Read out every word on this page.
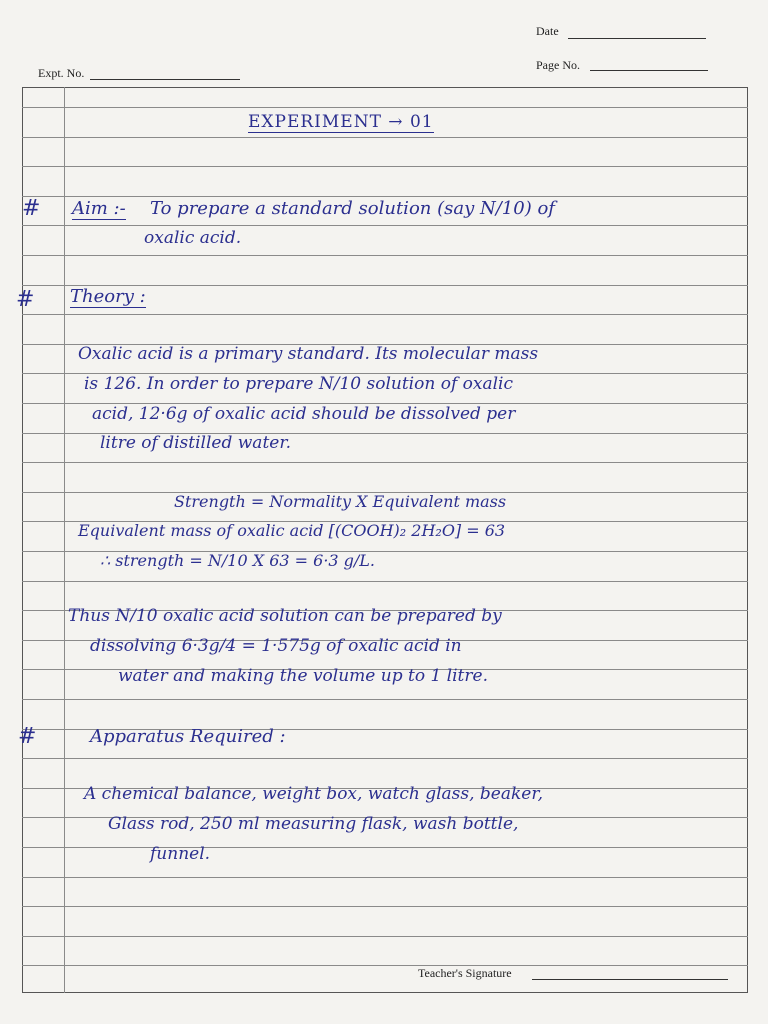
Date
Expt. No.
Page No.
EXPERIMENT → 01
# Aim :- To prepare a standard solution (say N/10) of
oxalic acid.
# Theory :
Oxalic acid is a primary standard. Its molecular mass
is 126. In order to prepare N/10 solution of oxalic
acid, 12·6g of oxalic acid should be dissolved per
litre of distilled water.
Strength = Normality X Equivalent mass
Equivalent mass of oxalic acid [(COOH)₂ 2H₂O] = 63
∴ strength = N/10 X 63 = 6·3 g/L.
Thus N/10 oxalic acid solution can be prepared by
dissolving 6·3g/4 = 1·575g of oxalic acid in
water and making the volume up to 1 litre.
#	Apparatus Required :
A chemical balance, weight box, watch glass, beaker,
Glass rod, 250 ml measuring flask, wash bottle,
funnel.
Teacher's Signature
